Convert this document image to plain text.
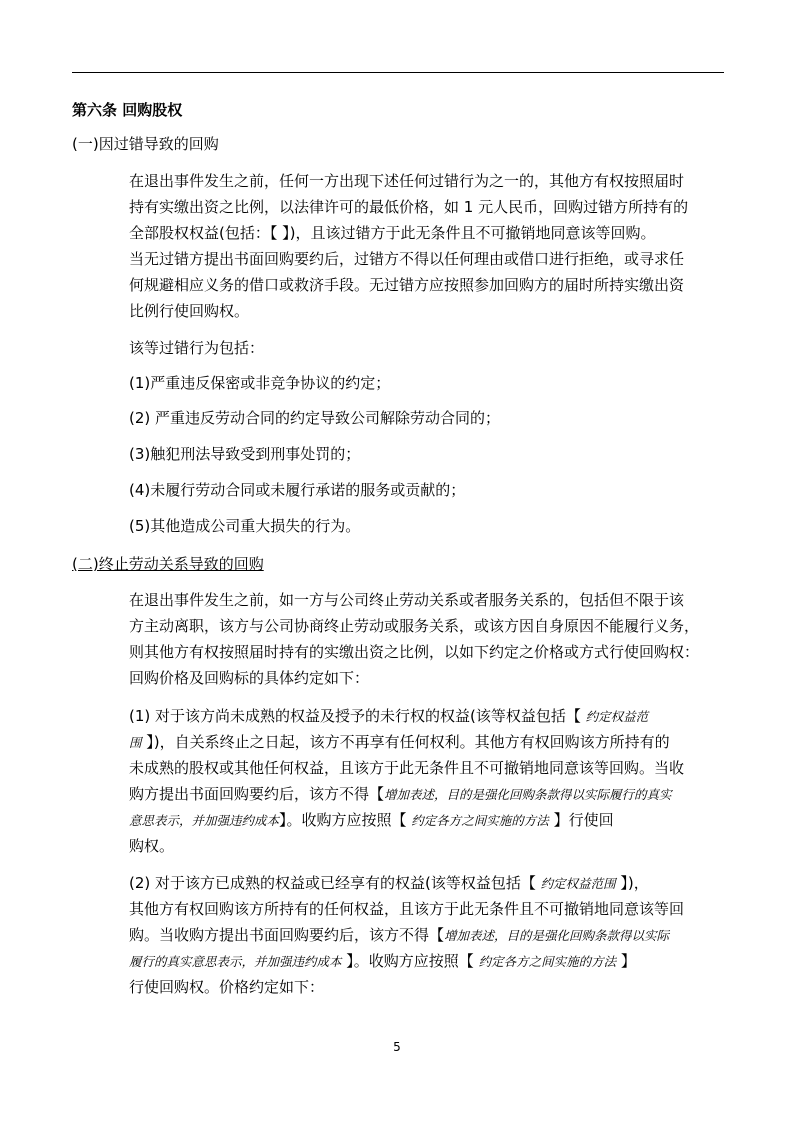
第六条 回购股权
(一)因过错导致的回购
在退出事件发生之前，任何一方出现下述任何过错行为之一的，其他方有权按照届时
持有实缴出资之比例，以法律许可的最低价格，如 1 元人民币，回购过错方所持有的
全部股权权益(包括：【 】)，且该过错方于此无条件且不可撤销地同意该等回购。
当无过错方提出书面回购要约后，过错方不得以任何理由或借口进行拒绝，或寻求任
何规避相应义务的借口或救济手段。无过错方应按照参加回购方的届时所持实缴出资
比例行使回购权。
该等过错行为包括：
(1)严重违反保密或非竞争协议的约定；
(2) 严重违反劳动合同的约定导致公司解除劳动合同的；
(3)触犯刑法导致受到刑事处罚的；
(4)未履行劳动合同或未履行承诺的服务或贡献的；
(5)其他造成公司重大损失的行为。
(二)终止劳动关系导致的回购
在退出事件发生之前，如一方与公司终止劳动关系或者服务关系的，包括但不限于该
方主动离职，该方与公司协商终止劳动或服务关系，或该方因自身原因不能履行义务，
则其他方有权按照届时持有的实缴出资之比例，以如下约定之价格或方式行使回购权：
回购价格及回购标的具体约定如下：
(1) 对于该方尚未成熟的权益及授予的未行权的权益(该等权益包括【 约定权益范
围 】)，自关系终止之日起，该方不再享有任何权利。其他方有权回购该方所持有的
未成熟的股权或其他任何权益，且该方于此无条件且不可撤销地同意该等回购。当收
购方提出书面回购要约后，该方不得【增加表述，目的是强化回购条款得以实际履行的真实
意思表示，并加强违约成本】。收购方应按照【 约定各方之间实施的方法 】行使回
购权。
(2) 对于该方已成熟的权益或已经享有的权益(该等权益包括【 约定权益范围 】)，
其他方有权回购该方所持有的任何权益，且该方于此无条件且不可撤销地同意该等回
购。当收购方提出书面回购要约后，该方不得【增加表述，目的是强化回购条款得以实际
履行的真实意思表示，并加强违约成本 】。收购方应按照【 约定各方之间实施的方法 】
行使回购权。价格约定如下：
5
